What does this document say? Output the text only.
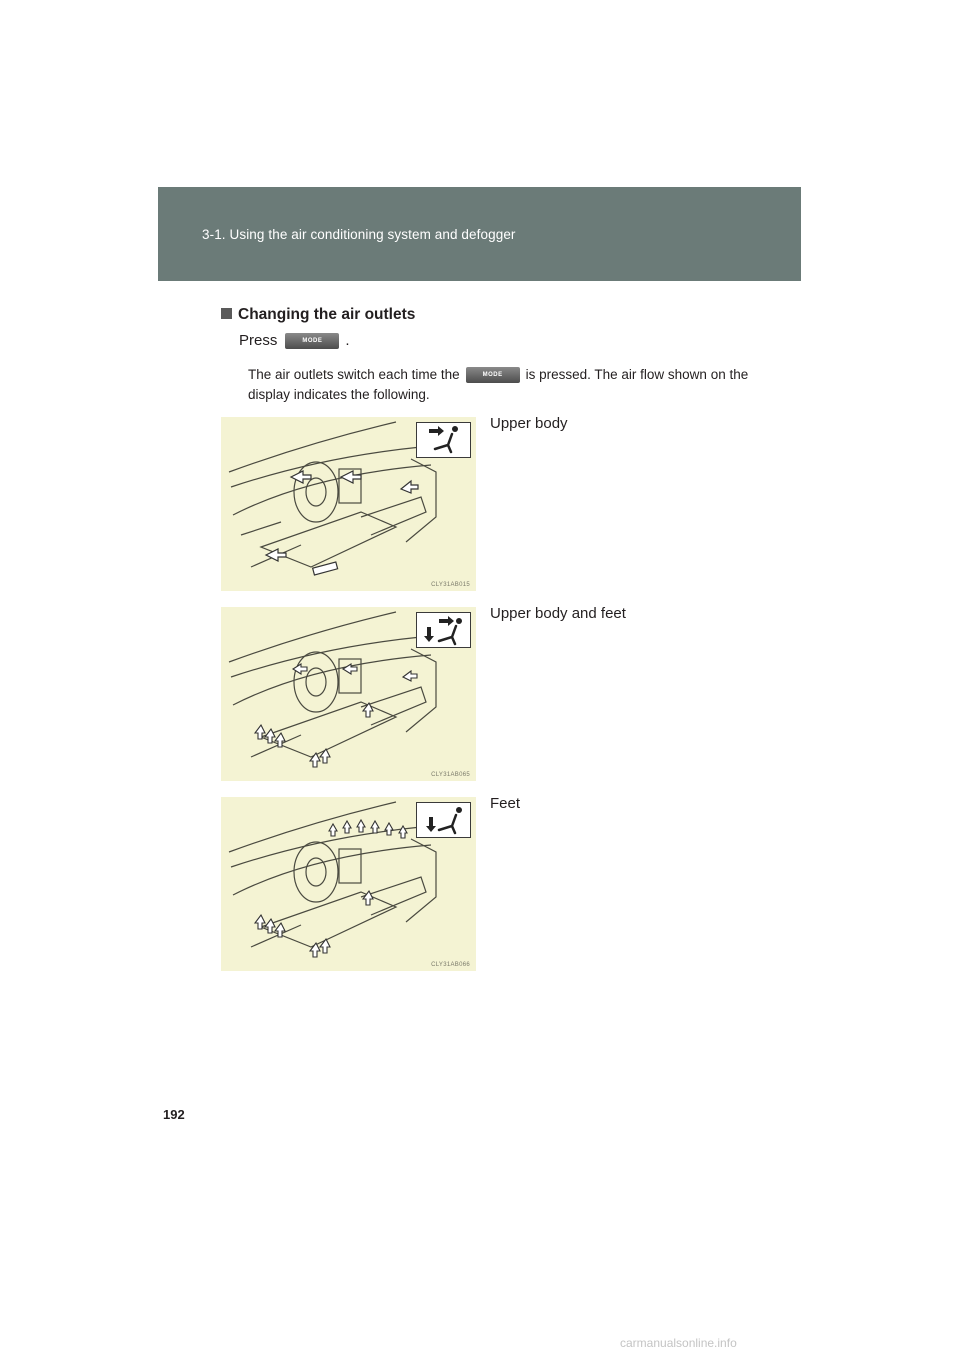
3-1. Using the air conditioning system and defogger
Changing the air outlets
Press	MODE .
The air outlets switch each time the	MODE is pressed. The air flow shown on the display indicates the following.
CLY31AB015
Upper body
CLY31AB065
Upper body and feet
CLY31AB066
Feet
192
carmanualsonline.info
